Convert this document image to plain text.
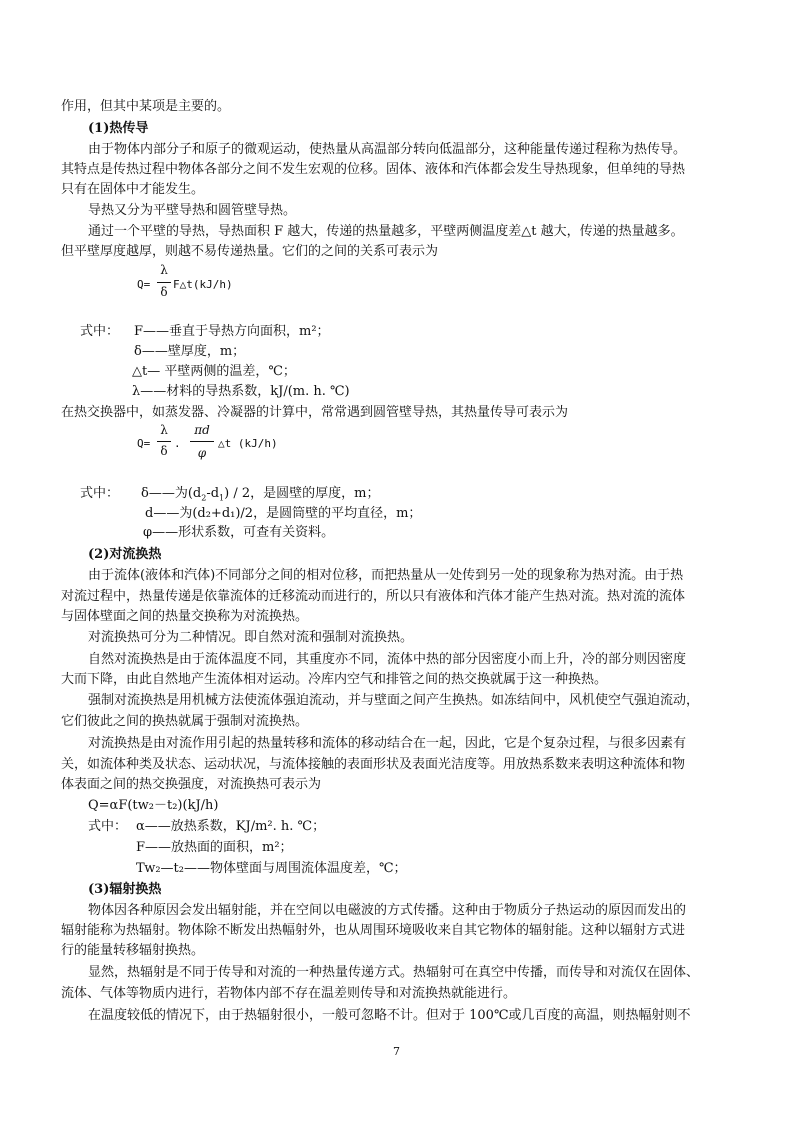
作用，但其中某项是主要的。
(1)热传导
由于物体内部分子和原子的微观运动，使热量从高温部分转向低温部分，这种能量传递过程称为热传导。
其特点是传热过程中物体各部分之间不发生宏观的位移。固体、液体和汽体都会发生导热现象，但单纯的导热
只有在固体中才能发生。
导热又分为平壁导热和圆管壁导热。
通过一个平壁的导热，导热面积 F 越大，传递的热量越多，平壁两侧温度差△t 越大，传递的热量越多。
但平壁厚度越厚，则越不易传递热量。它们的之间的关系可表示为
Q=
λ
δ
F△t(kJ/h)
式中： F——垂直于导热方向面积，m²；
δ——壁厚度，m；
△t— 平壁两侧的温差，℃；
λ——材料的导热系数，kJ/(m. h. ℃)
在热交换器中，如蒸发器、冷凝器的计算中，常常遇到圆管壁导热，其热量传导可表示为
Q=
λ
δ
.
πd
φ
△t (kJ/h)
式中： δ——为$(d_2-d_1) / 2$，是圆壁的厚度，m；
d——为(d₂+d₁)/2，是圆筒壁的平均直径，m；
φ——形状系数，可查有关资料。
(2)对流换热
由于流体(液体和汽体)不同部分之间的相对位移，而把热量从一处传到另一处的现象称为热对流。由于热
对流过程中，热量传递是依靠流体的迁移流动而进行的，所以只有液体和汽体才能产生热对流。热对流的流体
与固体壁面之间的热量交换称为对流换热。
对流换热可分为二种情况。即自然对流和强制对流换热。
自然对流换热是由于流体温度不同，其重度亦不同，流体中热的部分因密度小而上升，冷的部分则因密度
大而下降，由此自然地产生流体相对运动。冷库内空气和排管之间的热交换就属于这一种换热。
强制对流换热是用机械方法使流体强迫流动，并与壁面之间产生换热。如冻结间中，风机使空气强迫流动，
它们彼此之间的换热就属于强制对流换热。
对流换热是由对流作用引起的热量转移和流体的移动结合在一起，因此，它是个复杂过程，与很多因素有
关，如流体种类及状态、运动状况，与流体接触的表面形状及表面光洁度等。用放热系数来表明这种流体和物
体表面之间的热交换强度，对流换热可表示为
Q=αF(tw₂－t₂)(kJ/h)
式中： α——放热系数，KJ/m². h. ℃；
F——放热面的面积，m²；
Tw₂—t₂——物体壁面与周围流体温度差，℃；
(3)辐射换热
物体因各种原因会发出辐射能，并在空间以电磁波的方式传播。这种由于物质分子热运动的原因而发出的
辐射能称为热辐射。物体除不断发出热幅射外，也从周围环境吸收来自其它物体的辐射能。这种以辐射方式进
行的能量转移辐射换热。
显然，热辐射是不同于传导和对流的一种热量传递方式。热辐射可在真空中传播，而传导和对流仅在固体、
流体、气体等物质内进行，若物体内部不存在温差则传导和对流换热就能进行。
在温度较低的情况下，由于热辐射很小，一般可忽略不计。但对于 100℃或几百度的高温，则热幅射则不
7
